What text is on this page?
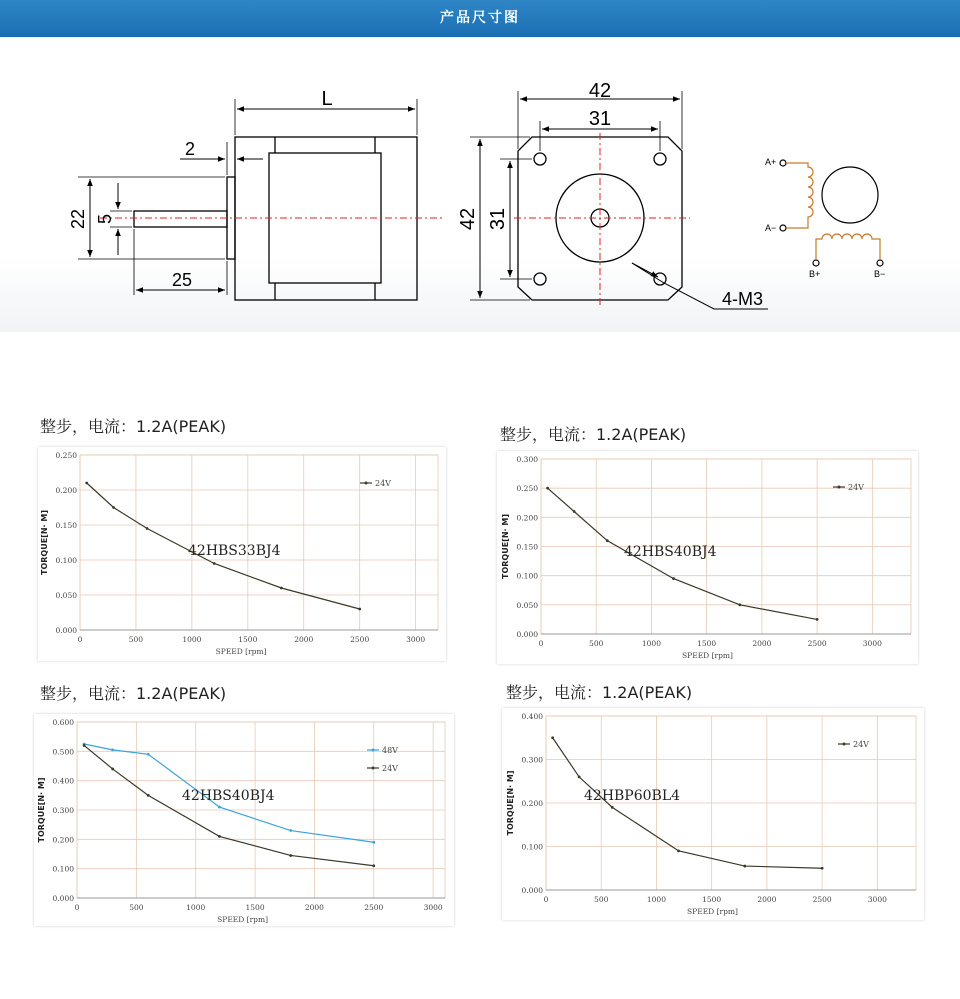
产品尺寸图
L
2
22 5
25
42
31
42 31
4-M3
A+
A−
B+	B−
整步，电流：1.2A(PEAK)	整步，电流：1.2A(PEAK)
整步，电流：1.2A(PEAK)	整步，电流：1.2A(PEAK)
0	500	1000	1500	2000	2500	3000
0.000
0.050
0.100
0.150
0.200
0.250
SPEED [rpm]
TORQUE[N· M]
24V
42HBS33BJ4
0	500	1000	1500	2000	2500	3000
0.000
0.050
0.100
0.150
0.200
0.250
0.300
SPEED [rpm]
TORQUE[N· M]
24V
42HBS40BJ4
0	500	1000	1500	2000	2500	3000
0.000
0.100
0.200
0.300
0.400
0.500
0.600
SPEED [rpm]
TORQUE[N· M]
48V
24V
42HBS40BJ4
0	500	1000	1500	2000	2500	3000
0.000
0.100
0.200
0.300
0.400
SPEED [rpm]
TORQUE[N· M]
24V
42HBP60BL4
